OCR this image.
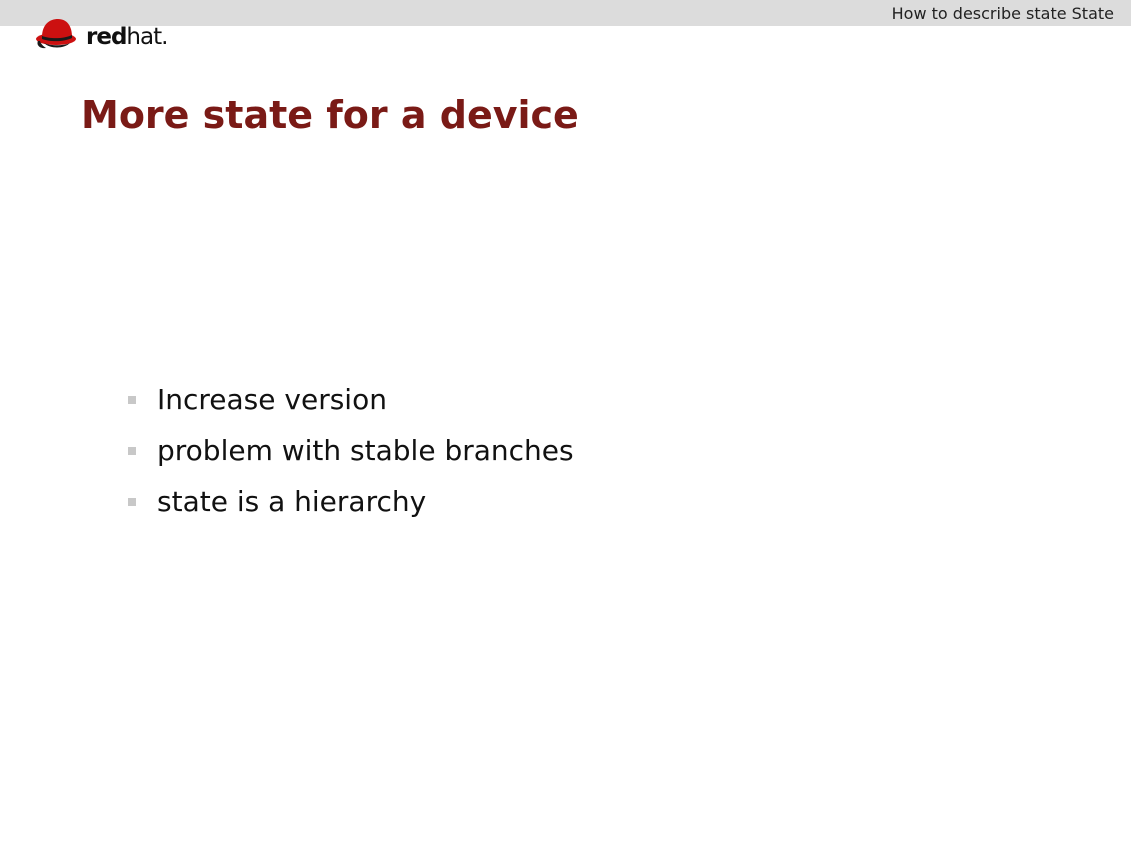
How to describe state State
redhat.
More state for a device
Increase version
problem with stable branches
state is a hierarchy
